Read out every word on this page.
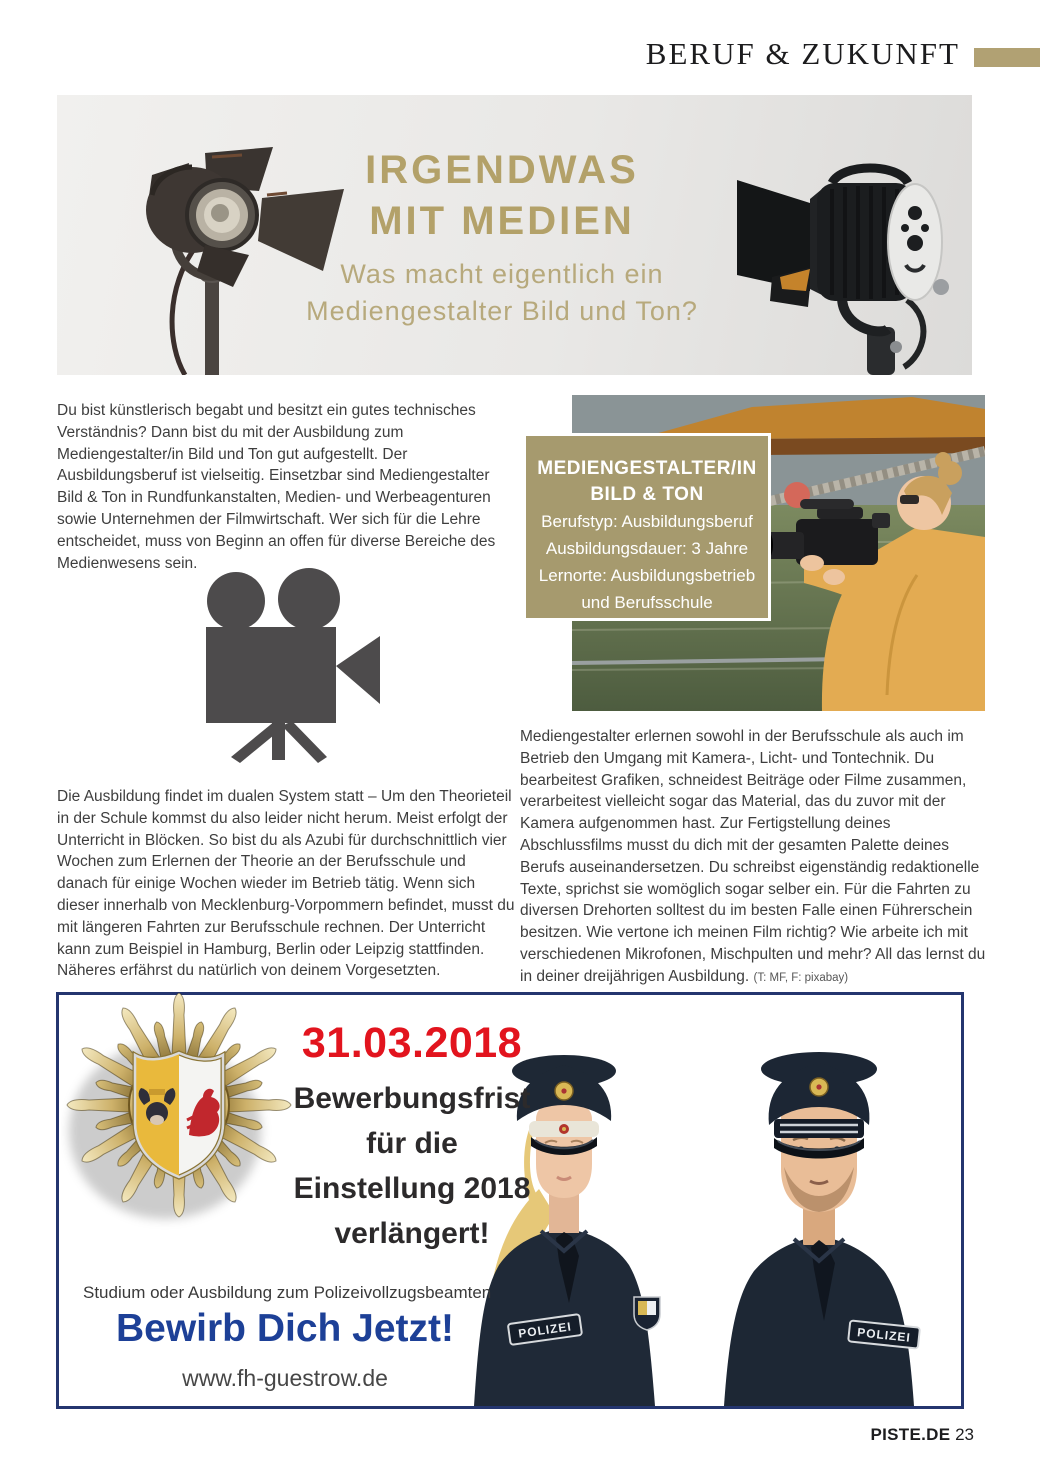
BERUF & ZUKUNFT
IRGENDWAS
MIT MEDIEN
Was macht eigentlich ein
Mediengestalter Bild und Ton?

Du bist künstlerisch begabt und besitzt ein gutes technisches Verständnis? Dann bist du mit der Ausbildung zum Mediengestalter/in Bild und Ton gut aufgestellt. Der Ausbildungsberuf ist vielseitig. Einsetzbar sind Mediengestalter Bild & Ton in Rundfunkanstalten, Medien- und Werbeagenturen sowie Unternehmen der Filmwirtschaft. Wer sich für die Lehre entscheidet, muss von Beginn an offen für diverse Bereiche des Medienwesens sein.

Die Ausbildung findet im dualen System statt – Um den Theorieteil in der Schule kommst du also leider nicht herum. Meist erfolgt der Unterricht in Blöcken. So bist du als Azubi für durchschnittlich vier Wochen zum Erlernen der Theorie an der Berufsschule und danach für einige Wochen wieder im Betrieb tätig. Wenn sich dieser innerhalb von Mecklenburg-Vorpommern befindet, musst du mit längeren Fahrten zur Berufsschule rechnen. Der Unterricht kann zum Beispiel in Hamburg, Berlin oder Leipzig stattfinden. Näheres erfährst du natürlich von deinem Vorgesetzten.

MEDIENGESTALTER/IN
BILD & TON
Berufstyp: Ausbildungsberuf
Ausbildungsdauer: 3 Jahre
Lernorte: Ausbildungsbetrieb
und Berufsschule

Mediengestalter erlernen sowohl in der Berufsschule als auch im Betrieb den Umgang mit Kamera-, Licht- und Tontechnik. Du bearbeitest Grafiken, schneidest Beiträge oder Filme zusammen, verarbeitest vielleicht sogar das Material, das du zuvor mit der Kamera aufgenommen hast. Zur Fertigstellung deines Abschlussfilms musst du dich mit der gesamten Palette deines Berufs auseinandersetzen. Du schreibst eigenständig redaktionelle Texte, sprichst sie womöglich sogar selber ein. Für die Fahrten zu diversen Drehorten solltest du im besten Falle einen Führerschein besitzen. Wie vertone ich meinen Film richtig? Wie arbeite ich mit verschiedenen Mikrofonen, Mischpulten und mehr? All das lernst du in deiner dreijährigen Ausbildung. (T: MF, F: pixabay)

31.03.2018
Bewerbungsfrist
für die
Einstellung 2018
verlängert!
POLIZEI	POLIZEI
Studium oder Ausbildung zum Polizeivollzugsbeamten
Bewirb Dich Jetzt!
www.fh-guestrow.de
PISTE.DE 23
